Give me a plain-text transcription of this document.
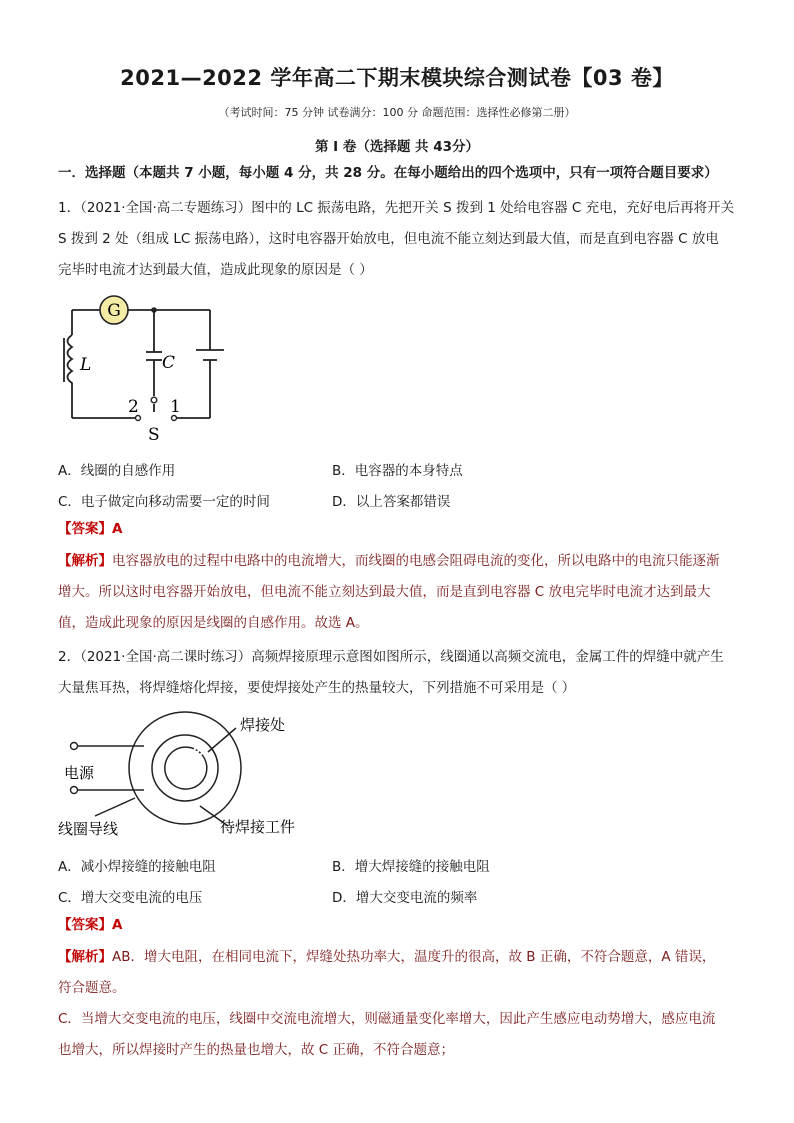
2021—2022 学年高二下期末模块综合测试卷【03 卷】
（考试时间：75 分钟 试卷满分：100 分 命题范围：选择性必修第二册）
第 I 卷（选择题 共 43分）
一．选择题（本题共 7 小题，每小题 4 分，共 28 分。在每小题给出的四个选项中，只有一项符合题目要求）
1．（2021·全国·高二专题练习）图中的 LC 振荡电路，先把开关 S 拨到 1 处给电容器 C 充电，充好电后再将开关
S 拨到 2 处（组成 LC 振荡电路），这时电容器开始放电，但电流不能立刻达到最大值，而是直到电容器 C 放电
完毕时电流才达到最大值，造成此现象的原因是（ ）
G
L	C
2 1
S
A．线圈的自感作用	B．电容器的本身特点
C．电子做定向移动需要一定的时间	D．以上答案都错误
【答案】A
【解析】电容器放电的过程中电路中的电流增大，而线圈的电感会阻碍电流的变化，所以电路中的电流只能逐渐
增大。所以这时电容器开始放电，但电流不能立刻达到最大值，而是直到电容器 C 放电完毕时电流才达到最大
值，造成此现象的原因是线圈的自感作用。故选 A。
2．（2021·全国·高二课时练习）高频焊接原理示意图如图所示，线圈通以高频交流电，金属工件的焊缝中就产生
大量焦耳热，将焊缝熔化焊接，要使焊接处产生的热量较大，下列措施不可采用是（ ）
焊接处
电源
线圈导线	待焊接工件
A．减小焊接缝的接触电阻	B．增大焊接缝的接触电阻
C．增大交变电流的电压	D．增大交变电流的频率
【答案】A
【解析】AB．增大电阻，在相同电流下，焊缝处热功率大，温度升的很高，故 B 正确，不符合题意，A 错误，
符合题意。
C．当增大交变电流的电压，线圈中交流电流增大，则磁通量变化率增大，因此产生感应电动势增大，感应电流
也增大，所以焊接时产生的热量也增大，故 C 正确，不符合题意；
